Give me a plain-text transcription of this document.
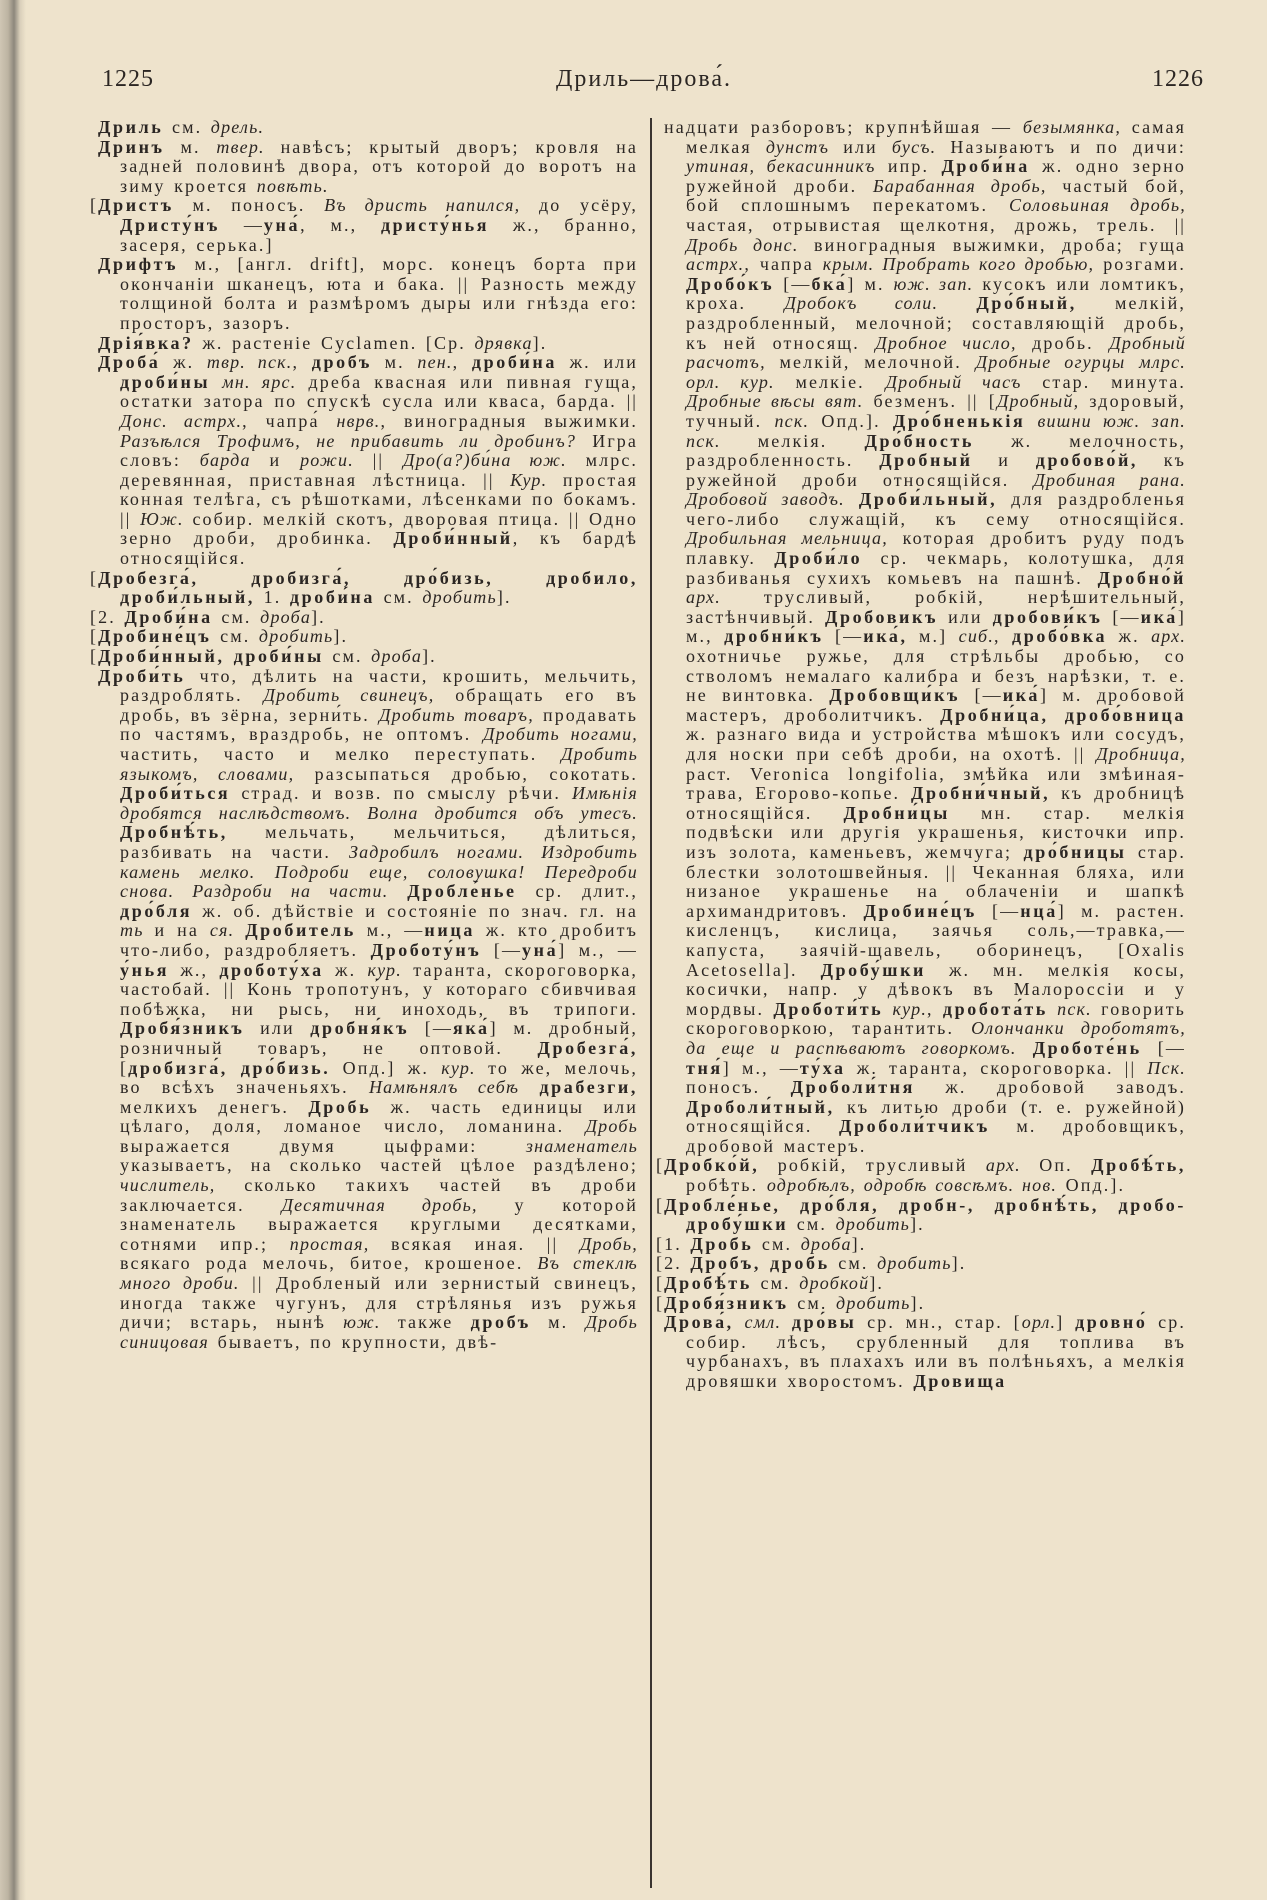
1225	Дриль—дрова́.	1226

Дриль см. дрель.

Дринъ м. твер. навѣсъ; крытый дворъ; кровля на задней половинѣ двора, отъ которой до воротъ на зиму кроется повѣть.

[Дристъ м. поносъ. Въ дристь напился, до усёру, Дристу́нъ —уна́, м., дристу́нья ж., бранно, засеря, серька.]

Дрифтъ м., [англ. drift], морс. конецъ борта при окончаніи шканецъ, юта и бака. || Разность между толщиной болта и размѣромъ дыры или гнѣзда его: просторъ, зазоръ.

Дрія́вка? ж. растеніе Cyclamen. [Ср. дрявка].

Дроба́ ж. твр. пск., дробъ м. пен., дроби́на ж. или дроби́ны мн. ярс. дреба квасная или пивная гуща, остатки затора по спускѣ сусла или кваса, барда. || Донс. астрх., чапра́ нврв., виноградныя выжимки. Разъѣлся Трофимъ, не прибавить ли дробинъ? Игра словъ: барда и рожи. || Дро(а?)би́на юж. млрс. деревянная, приставная лѣстница. || Кур. простая конная телѣга, съ рѣшотками, лѣсенками по бокамъ. || Юж. собир. мелкій скотъ, дворовая птица. || Одно зерно дроби, дробинка. Дроби́нный, къ бардѣ относящійся.

[Дробезга́, дробизга́, дро́бизь, дробило, дроби́льный, 1. дроби́на см. дробить].

[2. Дроби́на см. дроба].

[Дробине́цъ см. дробить].

[Дроби́нный, дроби́ны см. дроба].

Дроби́ть что, дѣлить на части, крошить, мельчить, раздроблять. Дробить свинецъ, обращать его въ дробь, въ зёрна, зерни́ть. Дробить товаръ, продавать по частямъ, враздробь, не оптомъ. Дробить ногами, частить, часто и мелко переступать. Дробить языкомъ, словами, разсыпаться дробью, сокотать. Дроби́ться страд. и возв. по смыслу рѣчи. Имѣнія дробятся наслѣдствомъ. Волна дробится объ утесъ. Дробнѣ́ть, мельчать, мельчиться, дѣлиться, разбивать на части. Задробилъ ногами. Издробить камень мелко. Подроби еще, соловушка! Передроби снова. Раздроби на части. Дробле́нье ср. длит., дро́бля ж. об. дѣйствіе и состояніе по знач. гл. на ть и на ся. Дробитель м., —ница ж. кто дробитъ что-либо, раздробляетъ. Дроботу́нъ [—уна́] м., —у́нья ж., дроботу́ха ж. кур. таранта, скороговорка, частобай. || Конь тропоту́нъ, у котораго сбивчивая побѣжка, ни рысь, ни иноходь, въ трипоги. Дробя́зникъ или дробня́къ [—яка́] м. дробный, розничный товаръ, не оптовой. Дробезга́, [дробизга́, дро́бизь. Опд.] ж. кур. то же, мелочь, во всѣхъ значеньяхъ. Намѣнялъ себѣ драбезги, мелкихъ денегъ. Дробь ж. часть единицы или цѣлаго, доля, ломаное число, ломанина. Дробь выражается двумя цыфрами: знаменатель указываетъ, на сколько частей цѣлое раздѣлено; числитель, сколько такихъ частей въ дроби заключается. Десятичная дробь, у которой знаменатель выражается круглыми десятками, сотнями ипр.; простая, всякая иная. || Дробь, всякаго рода мелочь, битое, крошеное. Въ стеклѣ много дроби. || Дробленый или зернистый свинецъ, иногда также чугунъ, для стрѣлянья изъ ружья дичи; встарь, нынѣ юж. также дробъ м. Дробь синицовая бываетъ, по крупности, двѣ-

надцати разборовъ; крупнѣйшая — безымянка, самая мелкая дунстъ или бусъ. Называютъ и по дичи: утиная, бекасинникъ ипр. Дроби́на ж. одно зерно ружейной дроби. Барабанная дробь, частый бой, бой сплошнымъ перекатомъ. Соловьиная дробь, частая, отрывистая щелкотня, дрожь, трель. || Дробь донс. виноградныя выжимки, дроба; гуща астрх., чапра крым. Пробрать кого дробью, розгами. Дробо́къ [—бка́] м. юж. зап. кусокъ или ломтикъ, кроха. Дробокъ соли. Дро́бный, мелкій, раздробленный, мелочной; составляющій дробь, къ ней относящ. Дробное число, дробь. Дробный расчотъ, мелкій, мелочной. Дробные огурцы млрс. орл. кур. мелкіе. Дробный часъ стар. минута. Дробные вѣсы вят. безменъ. || [Дробный, здоровый, тучный. пск. Опд.]. Дро́бненькія вишни юж. зап. пск. мелкія. Дро́бность ж. мелочность, раздробленность. Дробный и дробово́й, къ ружейной дроби относящійся. Дробиная рана. Дробовой заводъ. Дроби́льный, для раздробленья чего-либо служащій, къ сему относящійся. Дробильная мельница, которая дробитъ руду подъ плавку. Дроби́ло ср. чекмарь, колотушка, для разбиванья сухихъ комьевъ на пашнѣ. Дробно́й арх. трусливый, робкій, нерѣшительный, застѣнчивый. Дробовикъ или дробови́къ [—ика́] м., дробни́къ [—ика́, м.] сиб., дробо́вка ж. арх. охотничье ружье, для стрѣльбы дробью, со стволомъ немалаго калибра и безъ нарѣзки, т. е. не винтовка. Дробовщи́къ [—ика́] м. дробовой мастеръ, дроболитчикъ. Дробни́ца, дробо́вница ж. разнаго вида и устройства мѣшокъ или сосудъ, для носки при себѣ дроби, на охотѣ. || Дробница, раст. Veronica longifolia, змѣйка или змѣиная-трава, Егорово-копье. Дробни́чный, къ дробницѣ относящійся. Дробни́цы мн. стар. мелкія подвѣски или другія украшенья, кисточки ипр. изъ золота, каменьевъ, жемчуга; дро́бницы стар. блестки золотошвейныя. || Чеканная бляха, или низаное украшенье на облаченіи и шапкѣ архимандритовъ. Дробине́цъ [—нца́] м. растен. кисленцъ, кислица, заячья соль,—травка,—капуста, заячій-щавель, оборинецъ, [Oxalis Acetosella]. Дробу́шки ж. мн. мелкія косы, косички, напр. у дѣвокъ въ Малороссіи и у мордвы. Дроботи́ть кур., дробота́ть пск. говорить скороговоркою, тарантить. Олончанки дроботятъ, да еще и распѣваютъ говоркомъ. Дроботе́нь [—тня́] м., —ту́ха ж. таранта, скороговорка. || Пск. поносъ. Дроболи́тня ж. дробовой заводъ. Дроболи́тный, къ литью дроби (т. е. ружейной) относящійся. Дроболи́тчикъ м. дробовщикъ, дробовой мастеръ.

[Дробко́й, робкій, трусливый арх. Оп. Дробѣ́ть, робѣть. одробѣлъ, одробѣ совсѣмъ. нов. Опд.].

[Дробле́нье, дро́бля, дробн-, дробнѣ́ть, дробо-дробу́шки см. дробить].

[1. Дробь см. дроба].

[2. Дробъ, дробь см. дробить].

[Дробѣ́ть см. дробкой].

[Дробя́зникъ см. дробить].

Дрова́, смл. дро́вы ср. мн., стар. [орл.] дровно́ ср. собир. лѣсъ, срубленный для топлива въ чурбанахъ, въ плахахъ или въ полѣньяхъ, а мелкія дровяшки хворостомъ. Дровища
